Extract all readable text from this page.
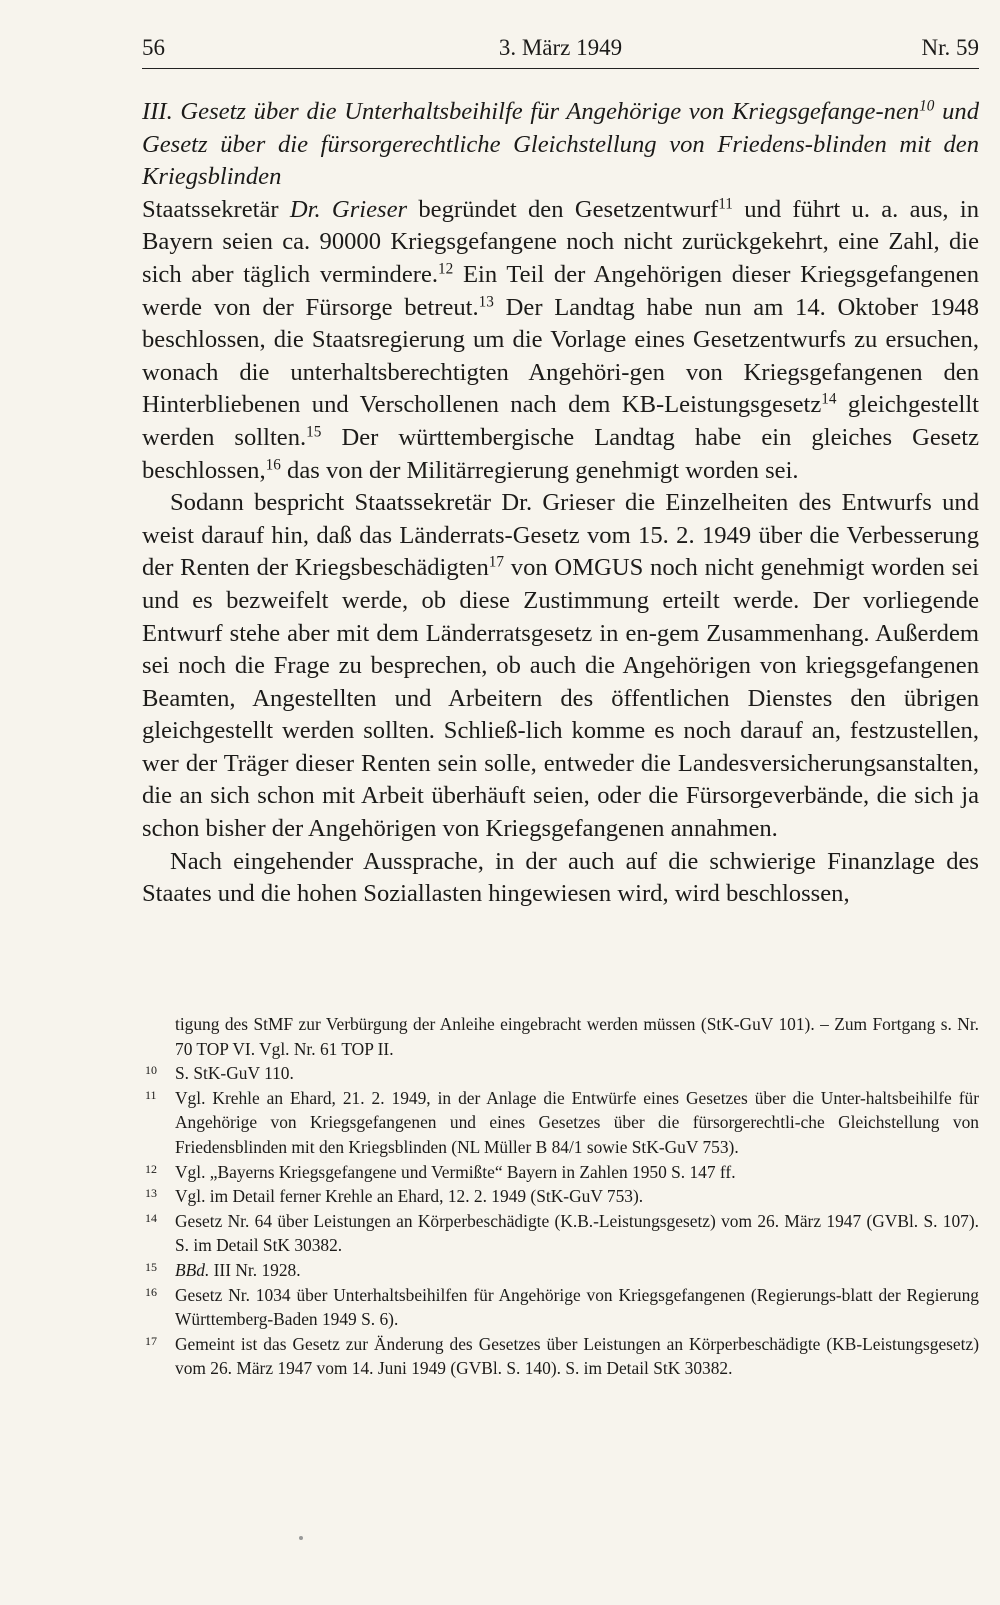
56	3. März 1949	Nr. 59

III. Gesetz über die Unterhaltsbeihilfe für Angehörige von Kriegsgefange-nen$^{10}$ und Gesetz über die fürsorgerechtliche Gleichstellung von Friedens-blinden mit den Kriegsblinden

Staatssekretär Dr. Grieser begründet den Gesetzentwurf$^{11}$ und führt u. a. aus, in Bayern seien ca. 90000 Kriegsgefangene noch nicht zurückgekehrt, eine Zahl, die sich aber täglich vermindere.$^{12}$ Ein Teil der Angehörigen dieser Kriegsgefangenen werde von der Fürsorge betreut.$^{13}$ Der Landtag habe nun am 14. Oktober 1948 beschlossen, die Staatsregierung um die Vorlage eines Gesetzentwurfs zu ersuchen, wonach die unterhaltsberechtigten Angehöri-gen von Kriegsgefangenen den Hinterbliebenen und Verschollenen nach dem KB-Leistungsgesetz$^{14}$ gleichgestellt werden sollten.$^{15}$ Der württembergische Landtag habe ein gleiches Gesetz beschlossen,$^{16}$ das von der Militärregierung genehmigt worden sei.

Sodann bespricht Staatssekretär Dr. Grieser die Einzelheiten des Entwurfs und weist darauf hin, daß das Länderrats-Gesetz vom 15. 2. 1949 über die Verbesserung der Renten der Kriegsbeschädigten$^{17}$ von OMGUS noch nicht genehmigt worden sei und es bezweifelt werde, ob diese Zustimmung erteilt werde. Der vorliegende Entwurf stehe aber mit dem Länderratsgesetz in en-gem Zusammenhang. Außerdem sei noch die Frage zu besprechen, ob auch die Angehörigen von kriegsgefangenen Beamten, Angestellten und Arbeitern des öffentlichen Dienstes den übrigen gleichgestellt werden sollten. Schließ-lich komme es noch darauf an, festzustellen, wer der Träger dieser Renten sein solle, entweder die Landesversicherungsanstalten, die an sich schon mit Arbeit überhäuft seien, oder die Fürsorgeverbände, die sich ja schon bisher der Angehörigen von Kriegsgefangenen annahmen.

Nach eingehender Aussprache, in der auch auf die schwierige Finanzlage des Staates und die hohen Soziallasten hingewiesen wird, wird beschlossen,

tigung des StMF zur Verbürgung der Anleihe eingebracht werden müssen (StK-GuV 101). – Zum Fortgang s. Nr. 70 TOP VI. Vgl. Nr. 61 TOP II.
10 S. StK-GuV 110.
11 Vgl. Krehle an Ehard, 21. 2. 1949, in der Anlage die Entwürfe eines Gesetzes über die Unter-haltsbeihilfe für Angehörige von Kriegsgefangenen und eines Gesetzes über die fürsorgerechtli-che Gleichstellung von Friedensblinden mit den Kriegsblinden (NL Müller B 84/1 sowie StK-GuV 753).
12 Vgl. „Bayerns Kriegsgefangene und Vermißte“ Bayern in Zahlen 1950 S. 147 ff.
13 Vgl. im Detail ferner Krehle an Ehard, 12. 2. 1949 (StK-GuV 753).
14 Gesetz Nr. 64 über Leistungen an Körperbeschädigte (K.B.-Leistungsgesetz) vom 26. März 1947 (GVBl. S. 107). S. im Detail StK 30382.
15 BBd. III Nr. 1928.
16 Gesetz Nr. 1034 über Unterhaltsbeihilfen für Angehörige von Kriegsgefangenen (Regierungs-blatt der Regierung Württemberg-Baden 1949 S. 6).
17 Gemeint ist das Gesetz zur Änderung des Gesetzes über Leistungen an Körperbeschädigte (KB-Leistungsgesetz) vom 26. März 1947 vom 14. Juni 1949 (GVBl. S. 140). S. im Detail StK 30382.
